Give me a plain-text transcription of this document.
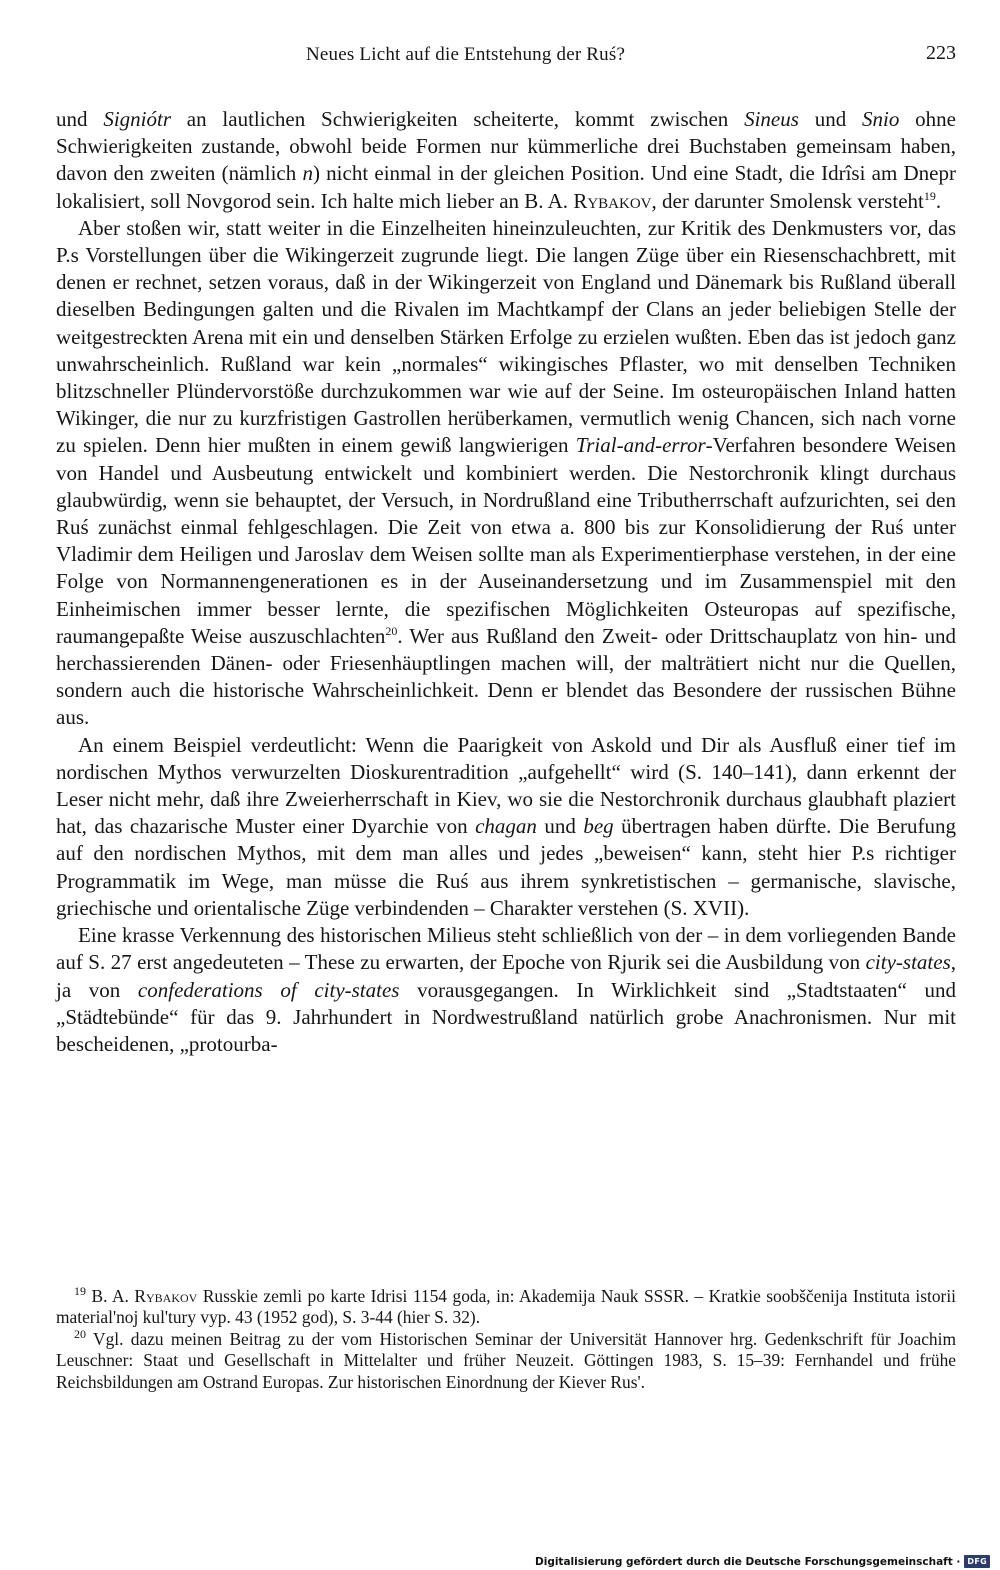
Neues Licht auf die Entstehung der Ruś?	223

und Signiótr an lautlichen Schwierigkeiten scheiterte, kommt zwischen Sineus und Snio ohne Schwierigkeiten zustande, obwohl beide Formen nur kümmerliche drei Buchstaben gemeinsam haben, davon den zweiten (nämlich n) nicht einmal in der gleichen Position. Und eine Stadt, die Idrîsi am Dnepr lokalisiert, soll Novgorod sein. Ich halte mich lieber an B. A. Rybakov, der darunter Smolensk versteht$^{19}$.

Aber stoßen wir, statt weiter in die Einzelheiten hineinzuleuchten, zur Kritik des Denkmusters vor, das P.s Vorstellungen über die Wikingerzeit zugrunde liegt. Die langen Züge über ein Riesenschachbrett, mit denen er rechnet, setzen voraus, daß in der Wikingerzeit von England und Dänemark bis Rußland überall dieselben Bedingungen galten und die Rivalen im Machtkampf der Clans an jeder beliebigen Stelle der weitgestreckten Arena mit ein und denselben Stärken Erfolge zu erzielen wußten. Eben das ist jedoch ganz unwahrscheinlich. Rußland war kein „normales“ wikingisches Pflaster, wo mit denselben Techniken blitzschneller Plündervorstöße durchzukommen war wie auf der Seine. Im osteuropäischen Inland hatten Wikinger, die nur zu kurzfristigen Gastrollen herüberkamen, vermutlich wenig Chancen, sich nach vorne zu spielen. Denn hier mußten in einem gewiß langwierigen Trial-and-error-Verfahren besondere Weisen von Handel und Ausbeutung entwickelt und kombiniert werden. Die Nestorchronik klingt durchaus glaubwürdig, wenn sie behauptet, der Versuch, in Nordrußland eine Tributherrschaft aufzurichten, sei den Ruś zunächst einmal fehlgeschlagen. Die Zeit von etwa a. 800 bis zur Konsolidierung der Ruś unter Vladimir dem Heiligen und Jaroslav dem Weisen sollte man als Experimentierphase verstehen, in der eine Folge von Normannengenerationen es in der Auseinandersetzung und im Zusammenspiel mit den Einheimischen immer besser lernte, die spezifischen Möglichkeiten Osteuropas auf spezifische, raumangepaßte Weise auszuschlachten$^{20}$. Wer aus Rußland den Zweit- oder Drittschauplatz von hin- und herchassierenden Dänen- oder Friesenhäuptlingen machen will, der malträtiert nicht nur die Quellen, sondern auch die historische Wahrscheinlichkeit. Denn er blendet das Besondere der russischen Bühne aus.

An einem Beispiel verdeutlicht: Wenn die Paarigkeit von Askold und Dir als Ausfluß einer tief im nordischen Mythos verwurzelten Dioskurentradition „aufgehellt“ wird (S. 140–141), dann erkennt der Leser nicht mehr, daß ihre Zweierherrschaft in Kiev, wo sie die Nestorchronik durchaus glaubhaft plaziert hat, das chazarische Muster einer Dyarchie von chagan und beg übertragen haben dürfte. Die Berufung auf den nordischen Mythos, mit dem man alles und jedes „beweisen“ kann, steht hier P.s richtiger Programmatik im Wege, man müsse die Ruś aus ihrem synkretistischen – germanische, slavische, griechische und orientalische Züge verbindenden – Charakter verstehen (S. XVII).

Eine krasse Verkennung des historischen Milieus steht schließlich von der – in dem vorliegenden Bande auf S. 27 erst angedeuteten – These zu erwarten, der Epoche von Rjurik sei die Ausbildung von city-states, ja von confederations of city-states vorausgegangen. In Wirklichkeit sind „Stadtstaaten“ und „Städtebünde“ für das 9. Jahrhundert in Nordwestrußland natürlich grobe Anachronismen. Nur mit bescheidenen, „protourba-

$^{19}$ B. A. Rybakov Russkie zemli po karte Idrisi 1154 goda, in: Akademija Nauk SSSR. – Kratkie soobščenija Instituta istorii material'noj kul'tury vyp. 43 (1952 god), S. 3-44 (hier S. 32).

$^{20}$ Vgl. dazu meinen Beitrag zu der vom Historischen Seminar der Universität Hannover hrg. Gedenkschrift für Joachim Leuschner: Staat und Gesellschaft in Mittelalter und früher Neuzeit. Göttingen 1983, S. 15–39: Fernhandel und frühe Reichsbildungen am Ostrand Europas. Zur historischen Einordnung der Kiever Rus'.

Digitalisierung gefördert durch die Deutsche Forschungsgemeinschaft · DFG
